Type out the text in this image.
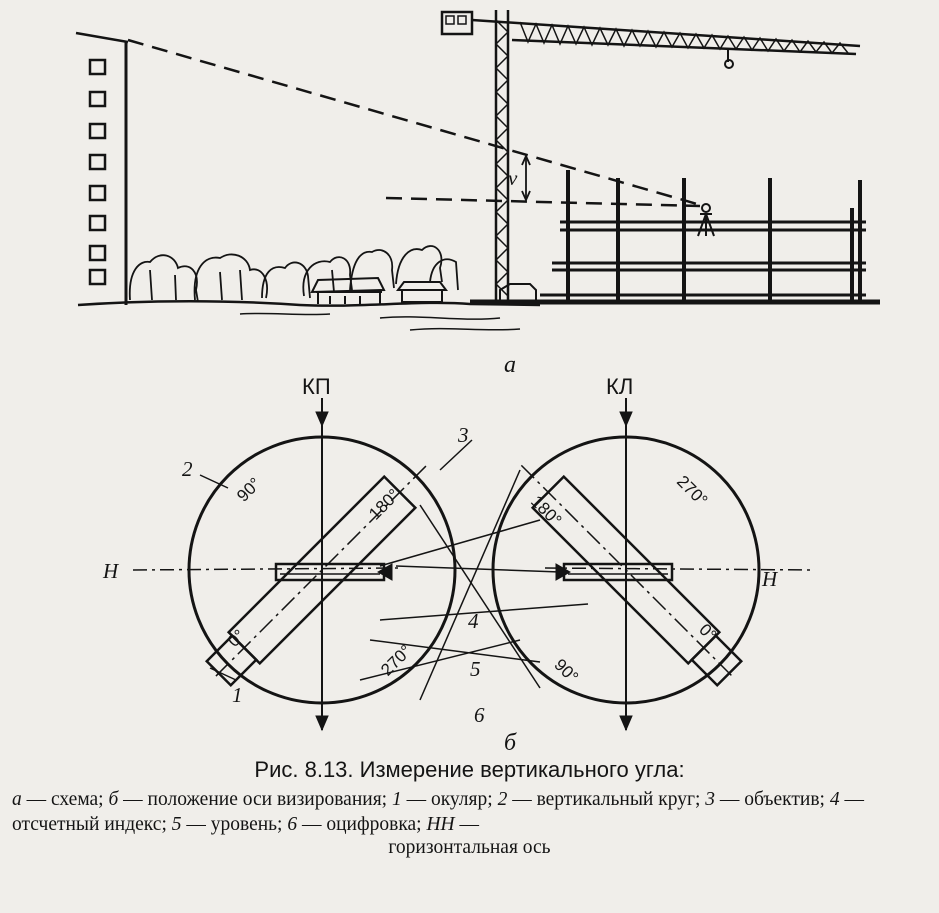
v
а
КП	КЛ
Н	Н
90°	180°
0°
270°
270°
180°
0°
90°
1
2
3
4
5
6
б
Рис. 8.13. Измерение вертикального угла:
а — схема; б — положение оси визирования; 1 — окуляр; 2 — вертикальный круг; 3 — объектив; 4 — отсчетный индекс; 5 — уровень; 6 — оцифровка; НН —
горизонтальная ось
